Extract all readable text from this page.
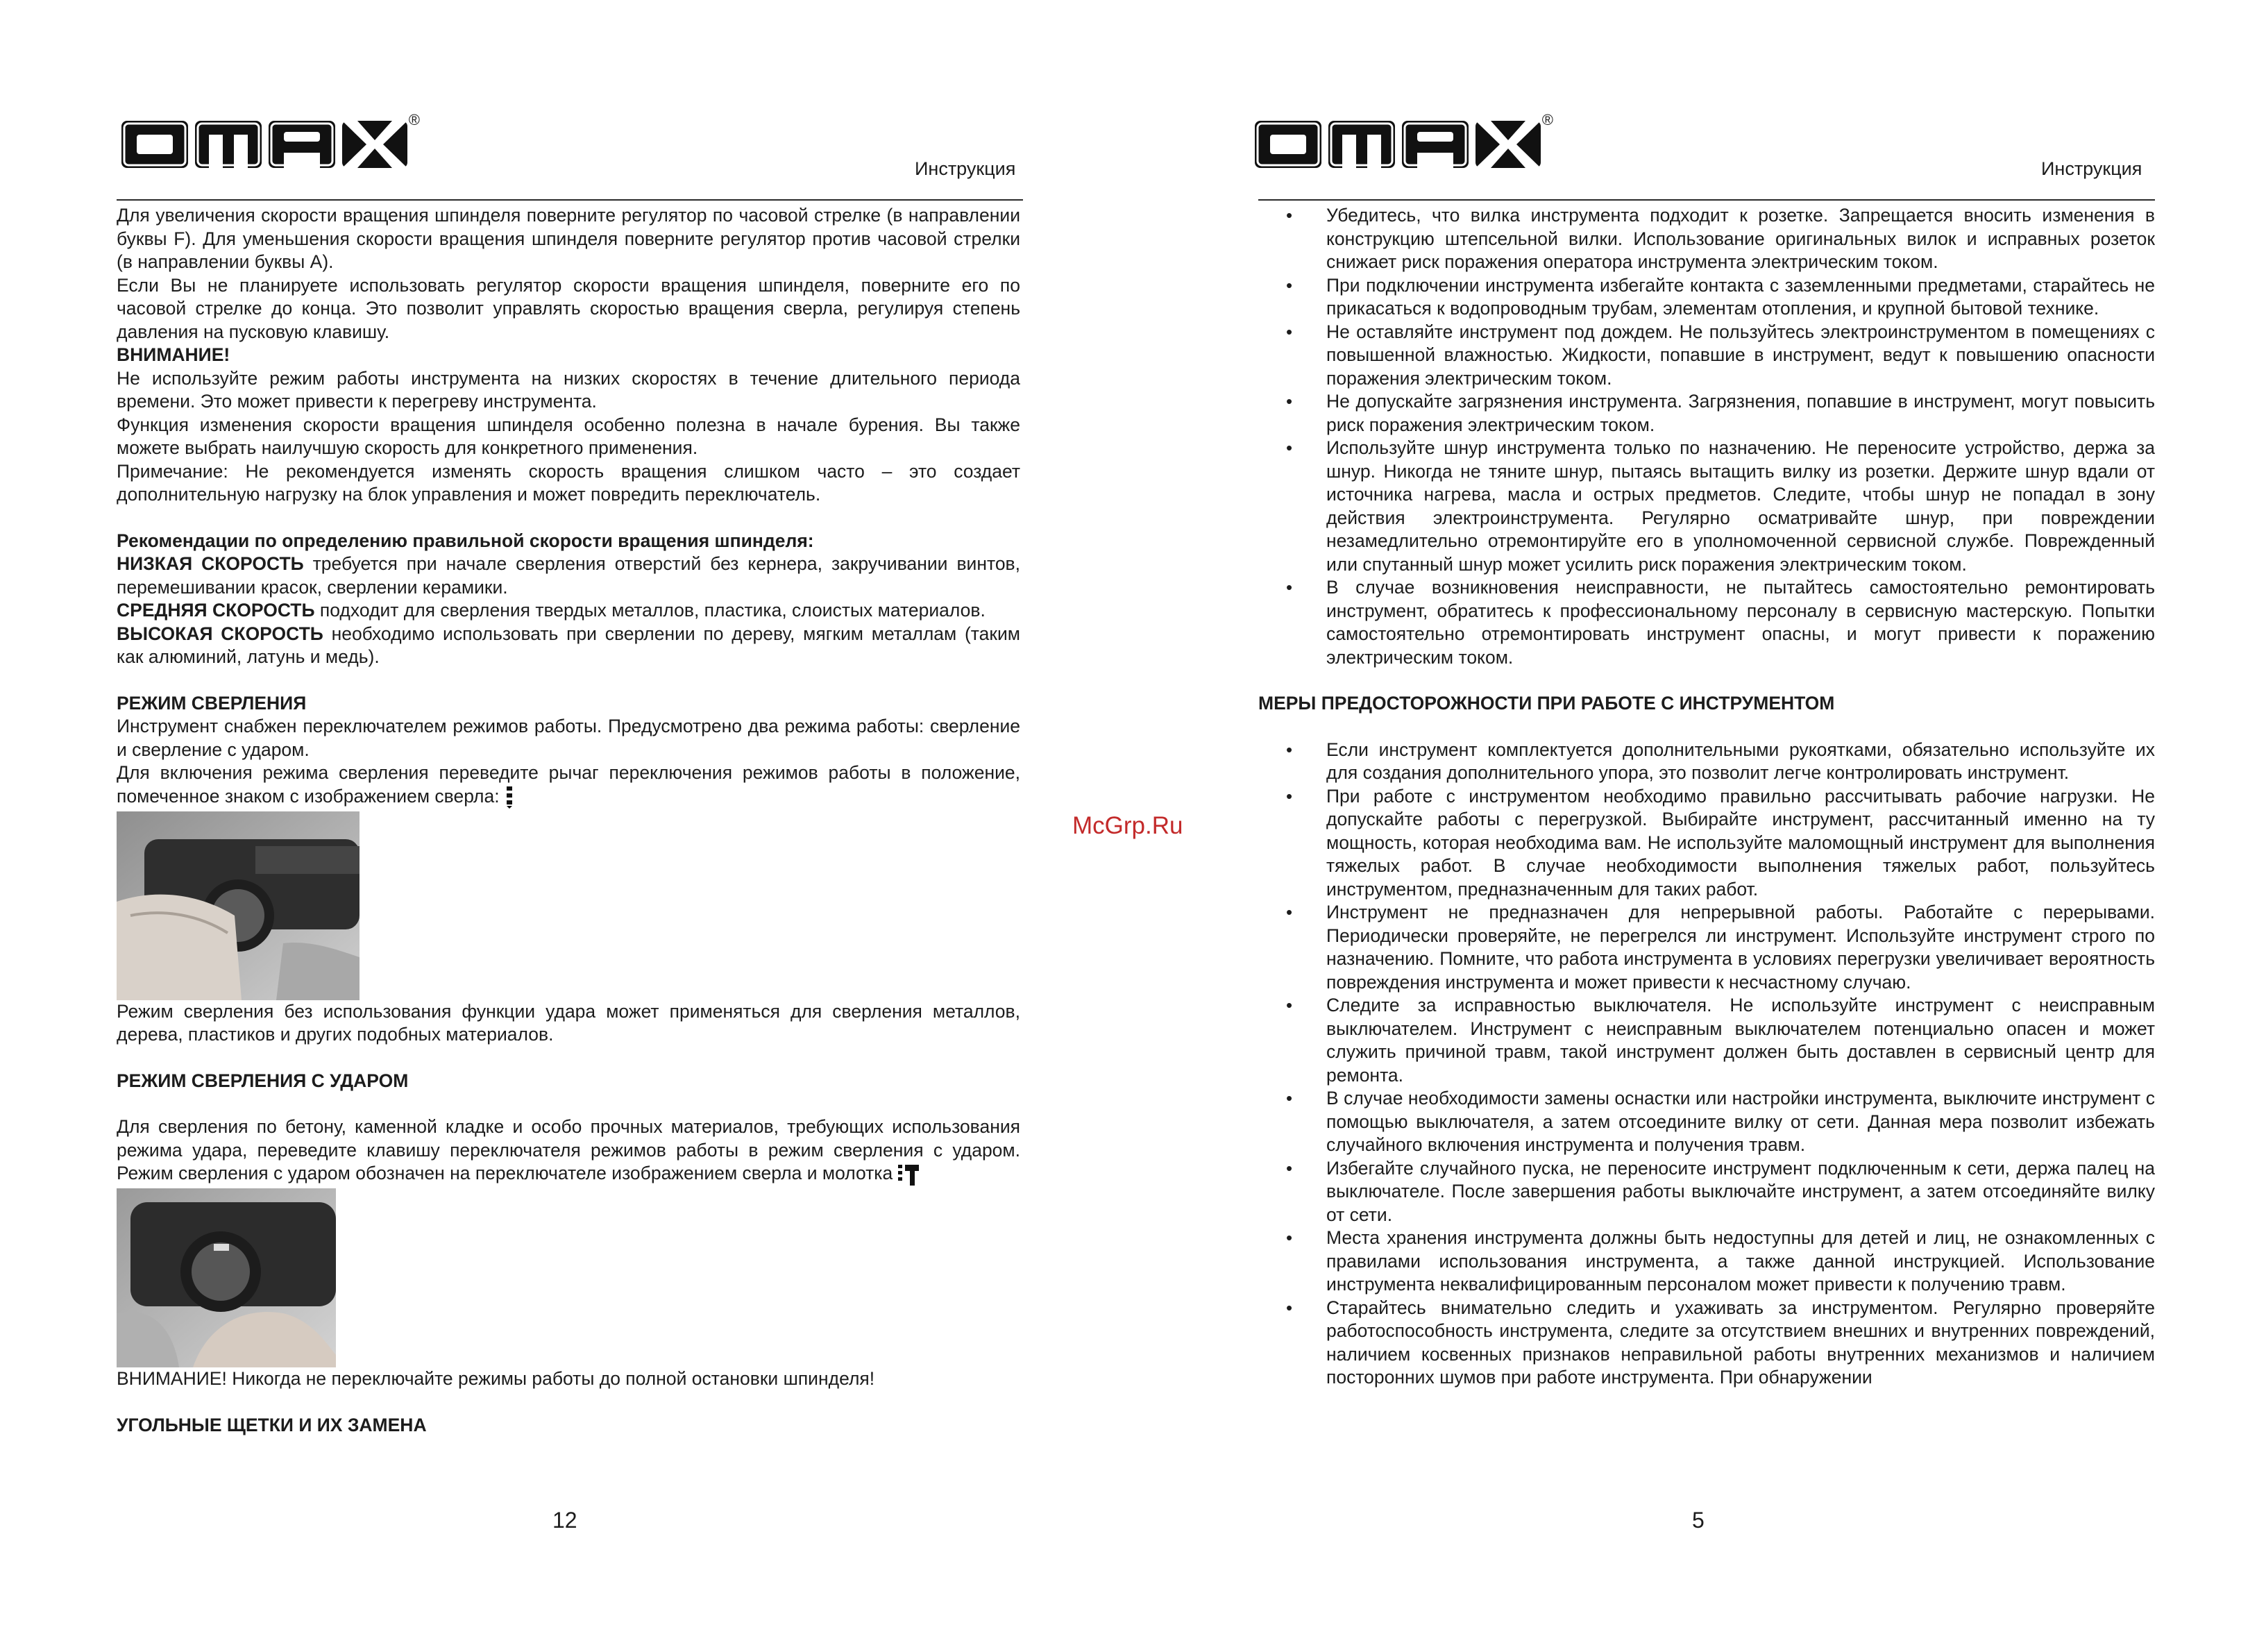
®
Инструкция

Для увеличения скорости вращения шпинделя поверните регулятор по часовой стрелке (в направлении буквы F). Для уменьшения скорости вращения шпинделя поверните регулятор против часовой стрелки (в направлении буквы А).

Если Вы не планируете использовать регулятор скорости вращения шпинделя, поверните его по часовой стрелке до конца. Это позволит управлять скоростью вращения сверла, регулируя степень давления на пусковую клавишу.

ВНИМАНИЕ!

Не используйте режим работы инструмента на низких скоростях в течение длительного периода времени. Это может привести к перегреву инструмента.

Функция изменения скорости вращения шпинделя особенно полезна в начале бурения. Вы также можете выбрать наилучшую скорость для конкретного применения.

Примечание: Не рекомендуется изменять скорость вращения слишком часто – это создает дополнительную нагрузку на блок управления и может повредить переключатель.

Рекомендации по определению правильной скорости вращения шпинделя:

НИЗКАЯ СКОРОСТЬ требуется при начале сверления отверстий без кернера, закручивании винтов, перемешивании красок, сверлении керамики.

СРЕДНЯЯ СКОРОСТЬ подходит для сверления твердых металлов, пластика, слоистых материалов.

ВЫСОКАЯ СКОРОСТЬ необходимо использовать при сверлении по дереву, мягким металлам (таким как алюминий, латунь и медь).

РЕЖИМ СВЕРЛЕНИЯ

Инструмент снабжен переключателем режимов работы. Предусмотрено два режима работы: сверление и сверление с ударом.

Для включения режима сверления переведите рычаг переключения режимов работы в положение, помеченное знаком с изображением сверла:

Режим сверления без использования функции удара может применяться для сверления металлов, дерева, пластиков и других подобных материалов.

РЕЖИМ СВЕРЛЕНИЯ С УДАРОМ

Для сверления по бетону, каменной кладке и особо прочных материалов, требующих использования режима удара, переведите клавишу переключателя режимов работы в режим сверления с ударом. Режим сверления с ударом обозначен на переключателе изображением сверла и молотка

ВНИМАНИЕ! Никогда не переключайте режимы работы до полной остановки шпинделя!

УГОЛЬНЫЕ ЩЕТКИ И ИХ ЗАМЕНА

12
®
Инструкция
• Убедитесь, что вилка инструмента подходит к розетке. Запрещается вносить изменения в конструкцию штепсельной вилки. Использование оригинальных вилок и исправных розеток снижает риск поражения оператора инструмента электрическим током.
• При подключении инструмента избегайте контакта с заземленными предметами, старайтесь не прикасаться к водопроводным трубам, элементам отопления, и крупной бытовой технике.
• Не оставляйте инструмент под дождем. Не пользуйтесь электроинструментом в помещениях с повышенной влажностью. Жидкости, попавшие в инструмент, ведут к повышению опасности поражения электрическим током.
• Не допускайте загрязнения инструмента. Загрязнения, попавшие в инструмент, могут повысить риск поражения электрическим током.
• Используйте шнур инструмента только по назначению. Не переносите устройство, держа за шнур. Никогда не тяните шнур, пытаясь вытащить вилку из розетки. Держите шнур вдали от источника нагрева, масла и острых предметов. Следите, чтобы шнур не попадал в зону действия электроинструмента. Регулярно осматривайте шнур, при повреждении незамедлительно отремонтируйте его в уполномоченной сервисной службе. Поврежденный или спутанный шнур может усилить риск поражения электрическим током.
• В случае возникновения неисправности, не пытайтесь самостоятельно ремонтировать инструмент, обратитесь к профессиональному персоналу в сервисную мастерскую. Попытки самостоятельно отремонтировать инструмент опасны, и могут привести к поражению электрическим током.

МЕРЫ ПРЕДОСТОРОЖНОСТИ ПРИ РАБОТЕ С ИНСТРУМЕНТОМ

• Если инструмент комплектуется дополнительными рукоятками, обязательно используйте их для создания дополнительного упора, это позволит легче контролировать инструмент.
• При работе с инструментом необходимо правильно рассчитывать рабочие нагрузки. Не допускайте работы с перегрузкой. Выбирайте инструмент, рассчитанный именно на ту мощность, которая необходима вам. Не используйте маломощный инструмент для выполнения тяжелых работ. В случае необходимости выполнения тяжелых работ, пользуйтесь инструментом, предназначенным для таких работ.
• Инструмент не предназначен для непрерывной работы. Работайте с перерывами. Периодически проверяйте, не перегрелся ли инструмент. Используйте инструмент строго по назначению. Помните, что работа инструмента в условиях перегрузки увеличивает вероятность повреждения инструмента и может привести к несчастному случаю.
• Следите за исправностью выключателя. Не используйте инструмент с неисправным выключателем. Инструмент с неисправным выключателем потенциально опасен и может служить причиной травм, такой инструмент должен быть доставлен в сервисный центр для ремонта.
• В случае необходимости замены оснастки или настройки инструмента, выключите инструмент с помощью выключателя, а затем отсоедините вилку от сети. Данная мера позволит избежать случайного включения инструмента и получения травм.
• Избегайте случайного пуска, не переносите инструмент подключенным к сети, держа палец на выключателе. После завершения работы выключайте инструмент, а затем отсоединяйте вилку от сети.
• Места хранения инструмента должны быть недоступны для детей и лиц, не ознакомленных с правилами использования инструмента, а также данной инструкцией. Использование инструмента неквалифицированным персоналом может привести к получению травм.
• Старайтесь внимательно следить и ухаживать за инструментом. Регулярно проверяйте работоспособность инструмента, следите за отсутствием внешних и внутренних повреждений, наличием косвенных признаков неправильной работы внутренних механизмов и наличием посторонних шумов при работе инструмента. При обнаружении
5
McGrp.Ru
